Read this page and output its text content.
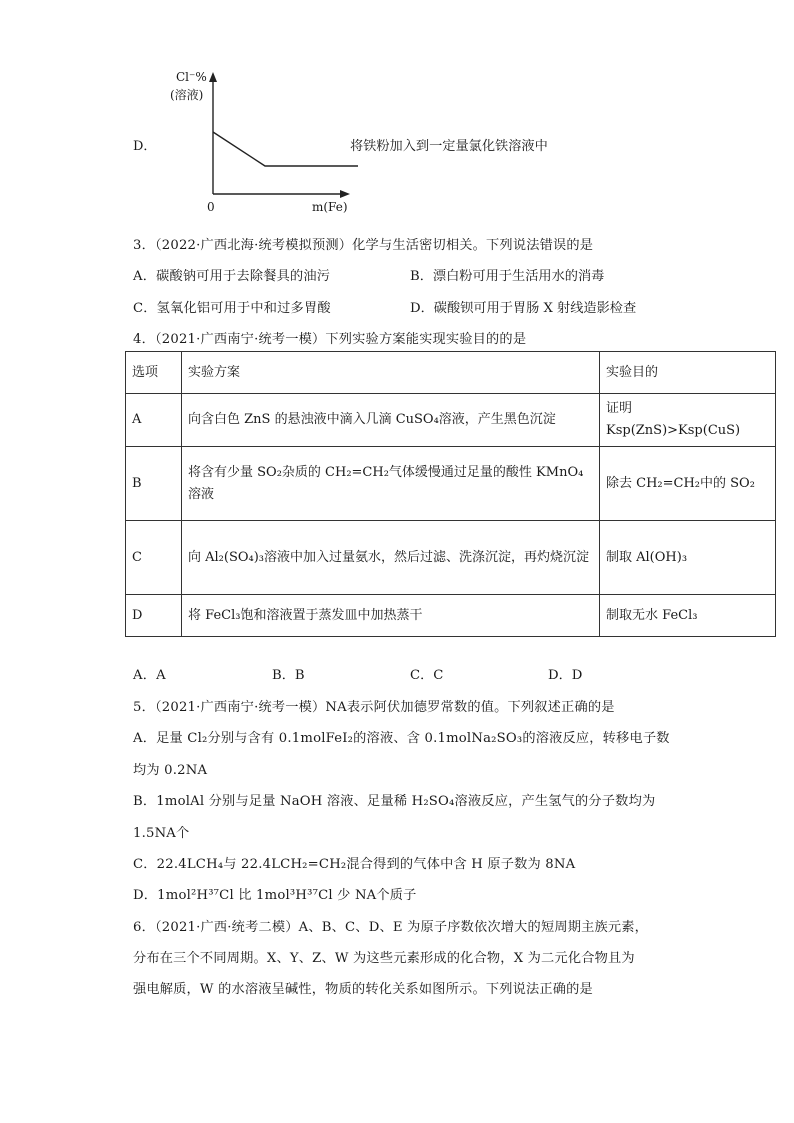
D．
Cl⁻%
(溶液)
0	m(Fe)
将铁粉加入到一定量氯化铁溶液中
3．（2022·广西北海·统考模拟预测）化学与生活密切相关。下列说法错误的是
A．碳酸钠可用于去除餐具的油污	B．漂白粉可用于生活用水的消毒
C．氢氧化铝可用于中和过多胃酸	D．碳酸钡可用于胃肠 X 射线造影检查
4．（2021·广西南宁·统考一模）下列实验方案能实现实验目的的是
选项	实验方案	实验目的
A	向含白色 ZnS 的悬浊液中滴入几滴 CuSO₄溶液，产生黑色沉淀	证明 Ksp(ZnS)>Ksp(CuS)
B	将含有少量 SO₂杂质的 CH₂=CH₂气体缓慢通过足量的酸性 KMnO₄溶液	除去 CH₂=CH₂中的 SO₂
C	向 Al₂(SO₄)₃溶液中加入过量氨水，然后过滤、洗涤沉淀，再灼烧沉淀	制取 Al(OH)₃
D	将 FeCl₃饱和溶液置于蒸发皿中加热蒸干	制取无水 FeCl₃
A．A	B．B	C．C	D．D
5．（2021·广西南宁·统考一模）NA表示阿伏加德罗常数的值。下列叙述正确的是
A．足量 Cl₂分别与含有 0.1molFeI₂的溶液、含 0.1molNa₂SO₃的溶液反应，转移电子数
均为 0.2NA
B．1molAl 分别与足量 NaOH 溶液、足量稀 H₂SO₄溶液反应，产生氢气的分子数均为
1.5NA个
C．22.4LCH₄与 22.4LCH₂=CH₂混合得到的气体中含 H 原子数为 8NA
D．1mol²H³⁷Cl 比 1mol³H³⁷Cl 少 NA个质子
6．（2021·广西·统考二模）A、B、C、D、E 为原子序数依次增大的短周期主族元素，
分布在三个不同周期。X、Y、Z、W 为这些元素形成的化合物，X 为二元化合物且为
强电解质，W 的水溶液呈碱性，物质的转化关系如图所示。下列说法正确的是
